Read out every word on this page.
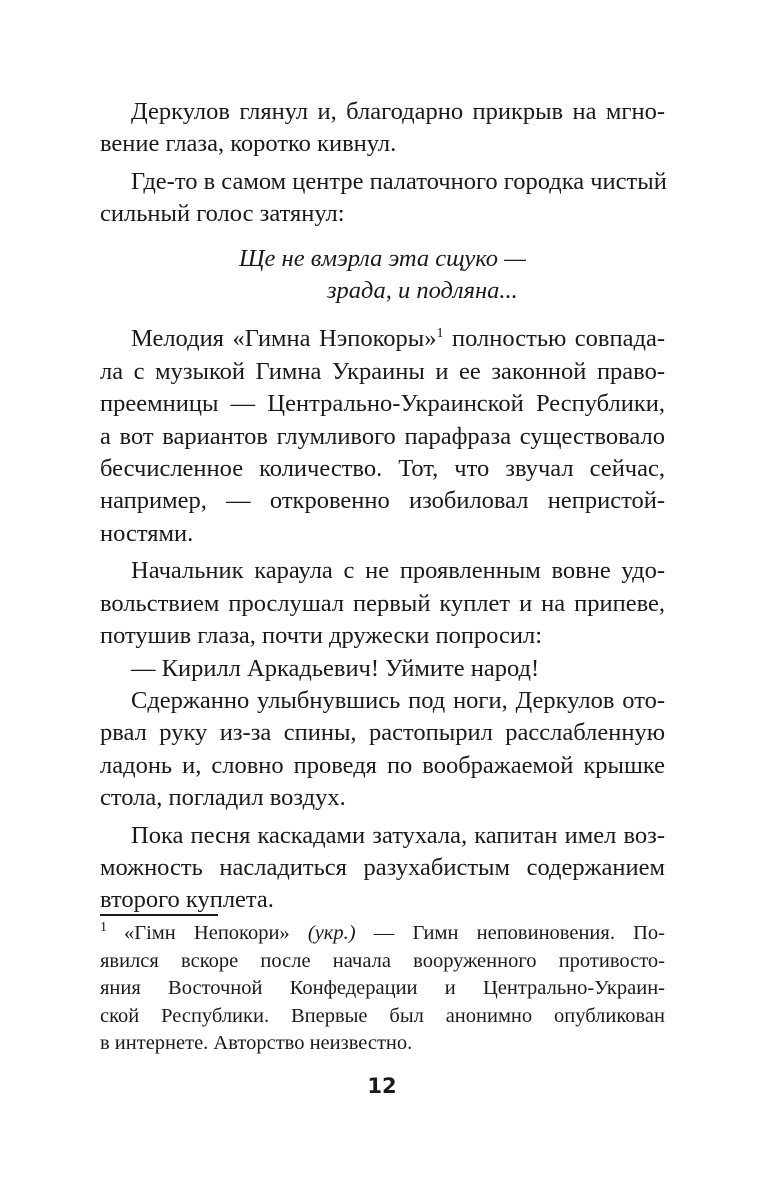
Деркулов глянул и, благодарно прикрыв на мгно-
вение глаза, коротко кивнул.

Где-то в самом центре палаточного городка чистый
сильный голос затянул:

Ще не вмэрла эта сщуко —
зрада, и подляна...

Мелодия «Гимна Нэпокоры»$^1$ полностью совпада-
ла с музыкой Гимна Украины и ее законной право-
преемницы — Центрально-Украинской Республики,
а вот вариантов глумливого парафраза существовало
бесчисленное количество. Тот, что звучал сейчас,
например, — откровенно изобиловал непристой-
ностями.

Начальник караула с не проявленным вовне удо-
вольствием прослушал первый куплет и на припеве,
потушив глаза, почти дружески попросил:

— Кирилл Аркадьевич! Уймите народ!

Сдержанно улыбнувшись под ноги, Деркулов ото-
рвал руку из-за спины, растопырил расслабленную
ладонь и, словно проведя по воображаемой крышке
стола, погладил воздух.

Пока песня каскадами затухала, капитан имел воз-
можность насладиться разухабистым содержанием
второго куплета.

1 «Гімн Непокори» (укр.) — Гимн неповиновения. По-
явился вскоре после начала вооруженного противосто-
яния Восточной Конфедерации и Центрально-Украин-
ской Республики. Впервые был анонимно опубликован
в интернете. Авторство неизвестно.
12
